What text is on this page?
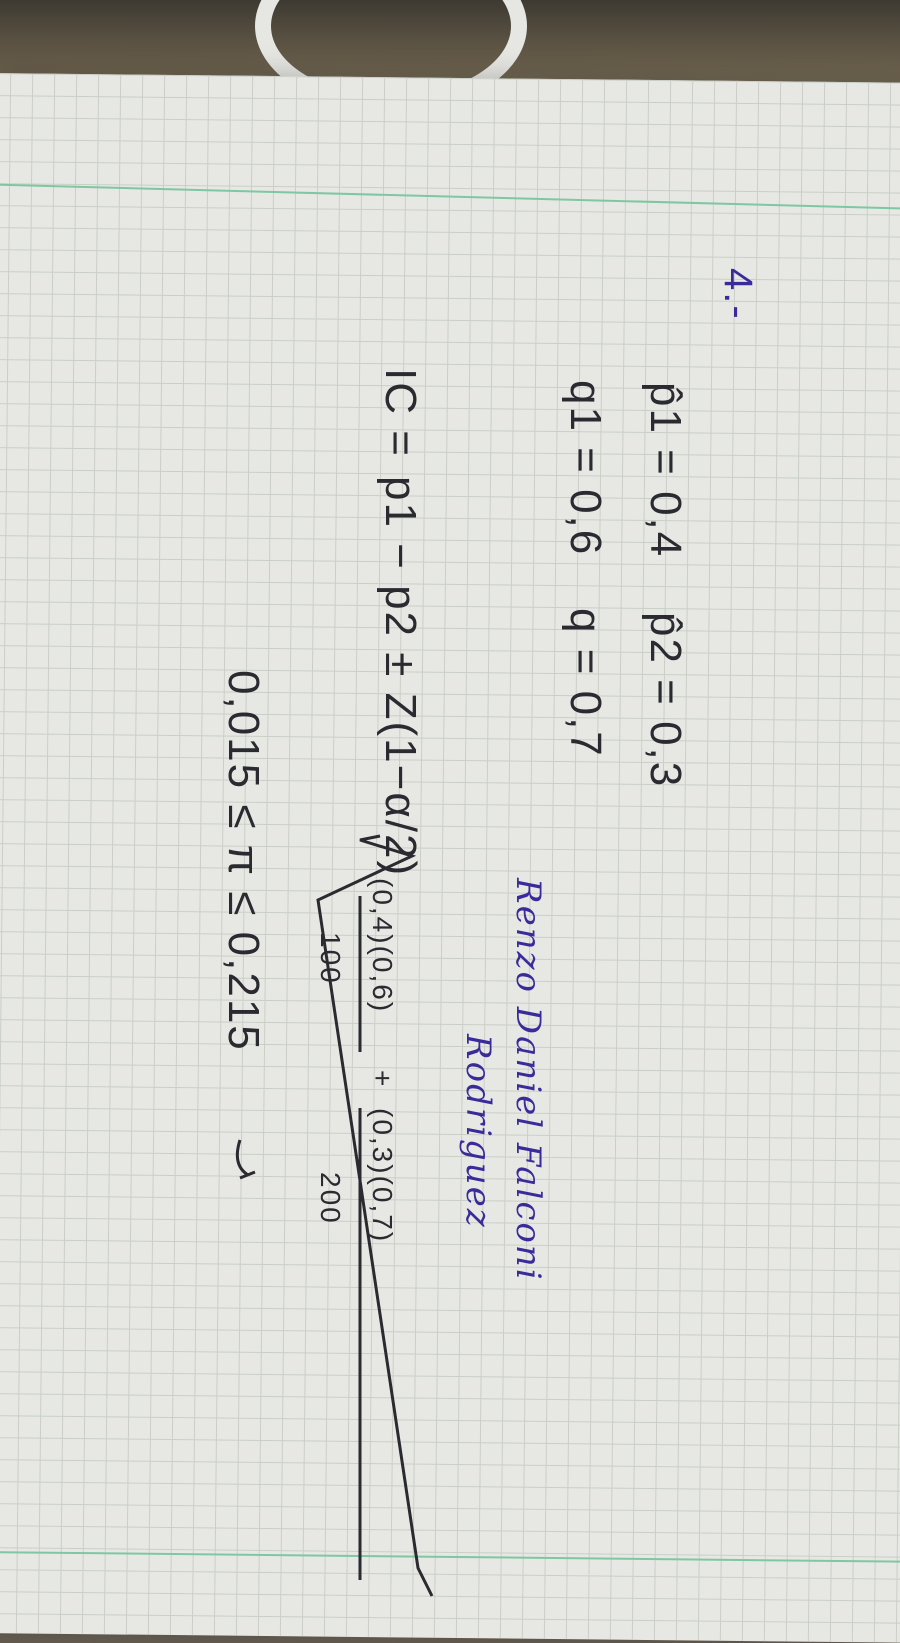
4.-
p̂1 = 0,4
p̂2 = 0,3
q1 = 0,6
q = 0,7
IC =
p1 − p2 ± Z(1−α/2)
(0,4)(0,6)
100
+
(0,3)(0,7)
200
0,015 ≤ π ≤ 0,215
Renzo Daniel Falconi
Rodriguez
